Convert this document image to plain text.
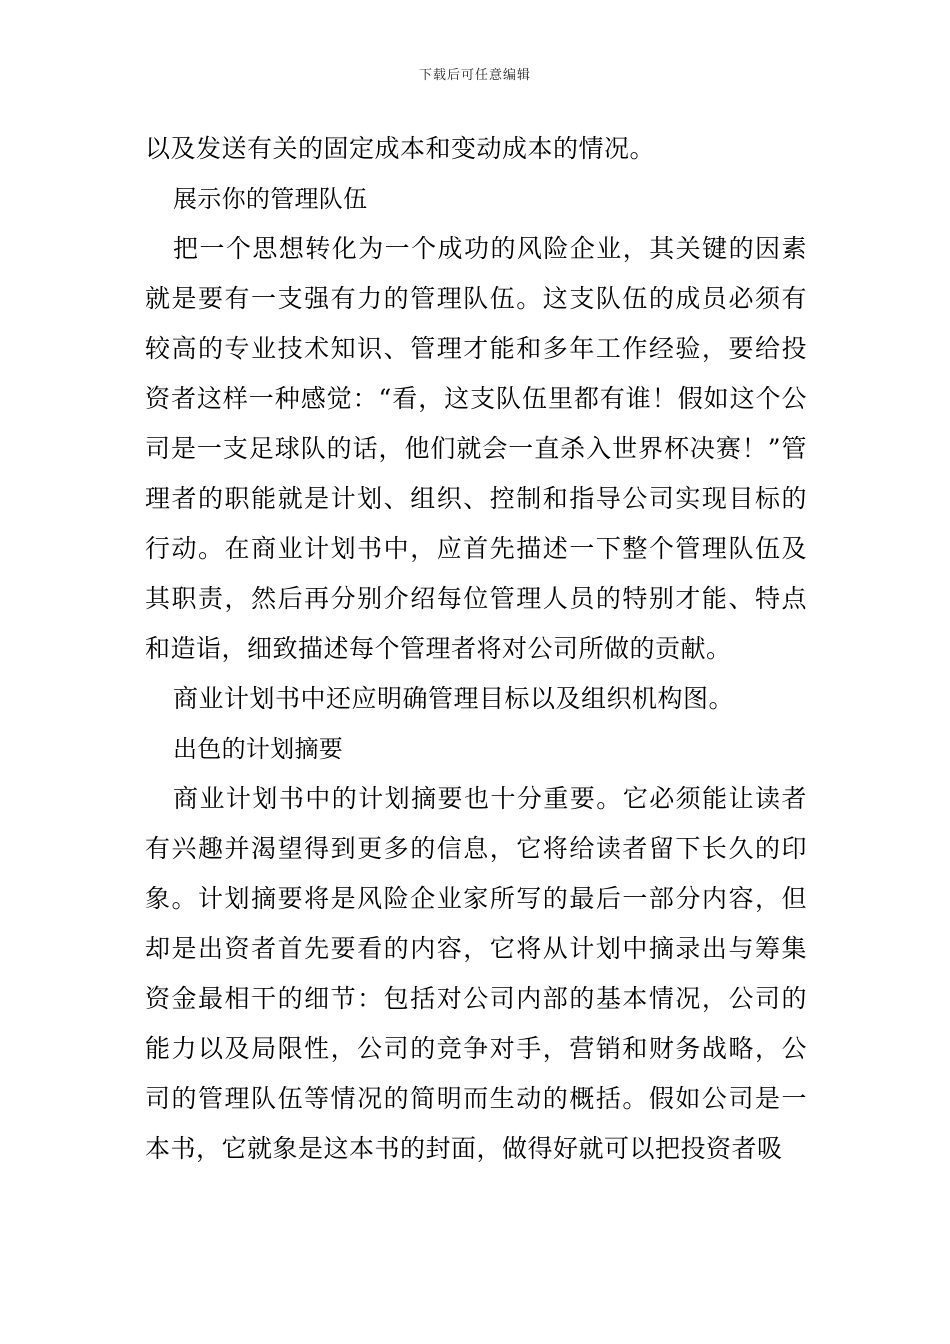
下载后可任意编辑

以及发送有关的固定成本和变动成本的情况。

展示你的管理队伍

把一个思想转化为一个成功的风险企业，其关键的因素就是要有一支强有力的管理队伍。这支队伍的成员必须有较高的专业技术知识、管理才能和多年工作经验，要给投资者这样一种感觉：“看，这支队伍里都有谁！假如这个公司是一支足球队的话，他们就会一直杀入世界杯决赛！”管理者的职能就是计划、组织、控制和指导公司实现目标的行动。在商业计划书中，应首先描述一下整个管理队伍及其职责，然后再分别介绍每位管理人员的特别才能、特点和造诣，细致描述每个管理者将对公司所做的贡献。

商业计划书中还应明确管理目标以及组织机构图。

出色的计划摘要

商业计划书中的计划摘要也十分重要。它必须能让读者有兴趣并渴望得到更多的信息，它将给读者留下长久的印象。计划摘要将是风险企业家所写的最后一部分内容，但却是出资者首先要看的内容，它将从计划中摘录出与筹集资金最相干的细节：包括对公司内部的基本情况，公司的能力以及局限性，公司的竞争对手，营销和财务战略，公司的管理队伍等情况的简明而生动的概括。假如公司是一本书，它就象是这本书的封面，做得好就可以把投资者吸
